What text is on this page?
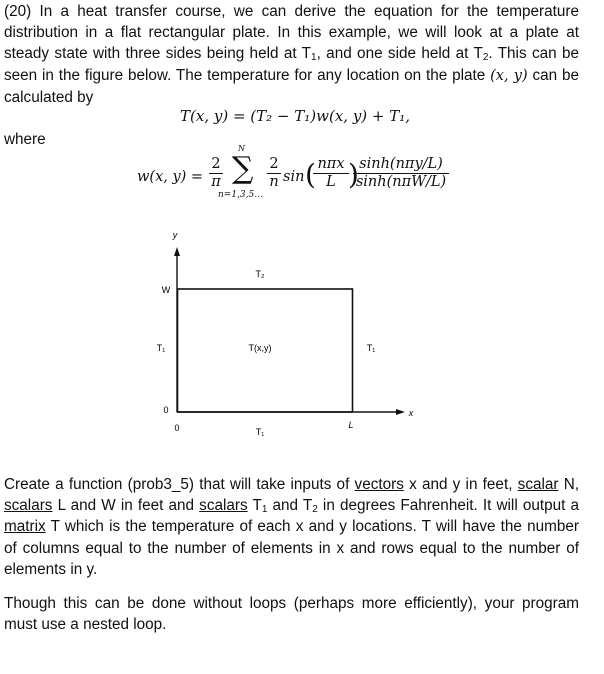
(20) In a heat transfer course, we can derive the equation for the temperature distribution in a flat rectangular plate. In this example, we will look at a plate at steady state with three sides being held at $T_1$, and one side held at $T_2$. This can be seen in the figure below. The temperature for any location on the plate (x, y) can be calculated by

T(x, y) = (T₂ − T₁)w(x, y) + T₁,

where

w(x, $y) = \frac{2}{\pi}$
N
∑
n=1,3,5…
$\frac{2}{n}$ sin ( nπx
L ) sinh(nπy/L)
sinh(nπW/L)
y
x
W
0
0	L
T₂
T₁	T₁
T₁
T(x,y)

Create a function (prob3_5) that will take inputs of vectors x and y in feet, scalar N, scalars L and W in feet and scalars $T_1$ and $T_2$ in degrees Fahrenheit. It will output a matrix T which is the temperature of each x and y locations. T will have the number of columns equal to the number of elements in x and rows equal to the number of elements in y.

Though this can be done without loops (perhaps more efficiently), your program must use a nested loop.
